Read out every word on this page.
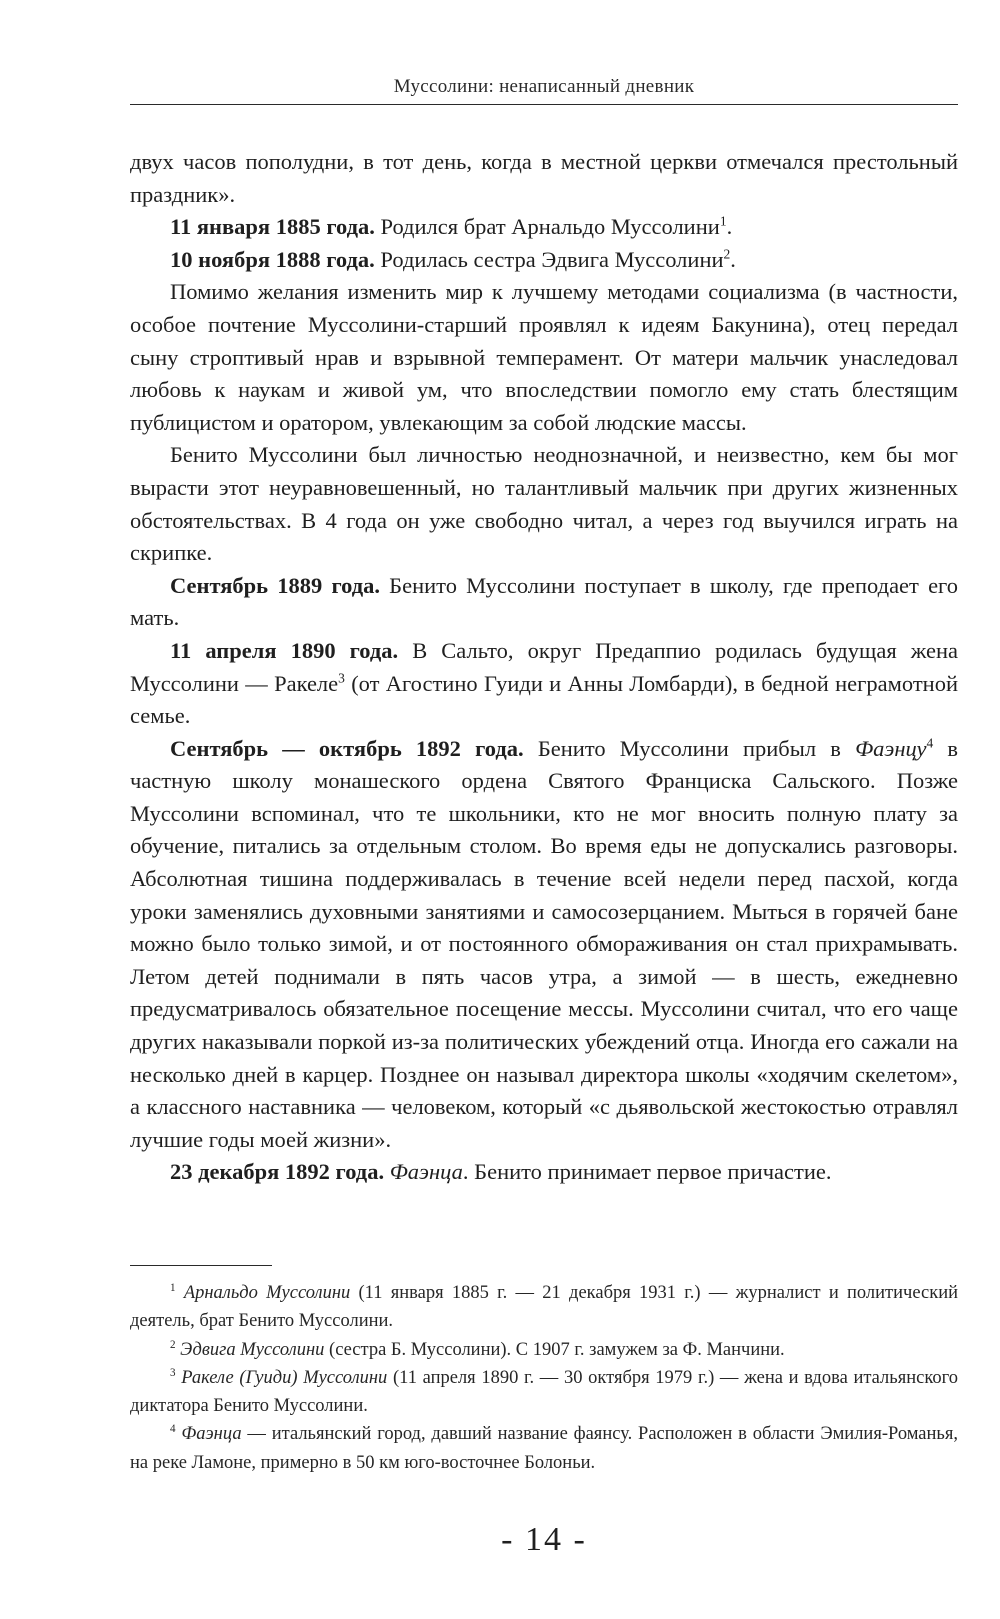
Муссолини: ненаписанный дневник

двух часов пополудни, в тот день, когда в местной церкви отмечался престольный праздник».

11 января 1885 года. Родился брат Арнальдо Муссолини$^1$.

10 ноября 1888 года. Родилась сестра Эдвига Муссолини$^2$.

Помимо желания изменить мир к лучшему методами социализма (в частности, особое почтение Муссолини-старший проявлял к идеям Бакунина), отец передал сыну строптивый нрав и взрывной темперамент. От матери мальчик унаследовал любовь к наукам и живой ум, что впоследствии помогло ему стать блестящим публицистом и оратором, увлекающим за собой людские массы.

Бенито Муссолини был личностью неоднозначной, и неизвестно, кем бы мог вырасти этот неуравновешенный, но талантливый мальчик при других жизненных обстоятельствах. В 4 года он уже свободно читал, а через год выучился играть на скрипке.

Сентябрь 1889 года. Бенито Муссолини поступает в школу, где преподает его мать.

11 апреля 1890 года. В Сальто, округ Предаппио родилась будущая жена Муссолини — Ракеле$^3$ (от Агостино Гуиди и Анны Ломбарди), в бедной неграмотной семье.

Сентябрь — октябрь 1892 года. Бенито Муссолини прибыл в Фаэнцу$^4$ в частную школу монашеского ордена Святого Франциска Сальского. Позже Муссолини вспоминал, что те школьники, кто не мог вносить полную плату за обучение, питались за отдельным столом. Во время еды не допускались разговоры. Абсолютная тишина поддерживалась в течение всей недели перед пасхой, когда уроки заменялись духовными занятиями и самосозерцанием. Мыться в горячей бане можно было только зимой, и от постоянного обмораживания он стал прихрамывать. Летом детей поднимали в пять часов утра, а зимой — в шесть, ежедневно предусматривалось обязательное посещение мессы. Муссолини считал, что его чаще других наказывали поркой из-за политических убеждений отца. Иногда его сажали на несколько дней в карцер. Позднее он называл директора школы «ходячим скелетом», а классного наставника — человеком, который «с дьявольской жестокостью отравлял лучшие годы моей жизни».

23 декабря 1892 года. Фаэнца. Бенито принимает первое причастие.

$^1$ Арнальдо Муссолини (11 января 1885 г. — 21 декабря 1931 г.) — журналист и политический деятель, брат Бенито Муссолини.

$^2$ Эдвига Муссолини (сестра Б. Муссолини). С 1907 г. замужем за Ф. Манчини.

$^3$ Ракеле (Гуиди) Муссолини (11 апреля 1890 г. — 30 октября 1979 г.) — жена и вдова итальянского диктатора Бенито Муссолини.

$^4$ Фаэнца — итальянский город, давший название фаянсу. Расположен в области Эмилия-Романья, на реке Ламоне, примерно в 50 км юго-восточнее Болоньи.

- 14 -
